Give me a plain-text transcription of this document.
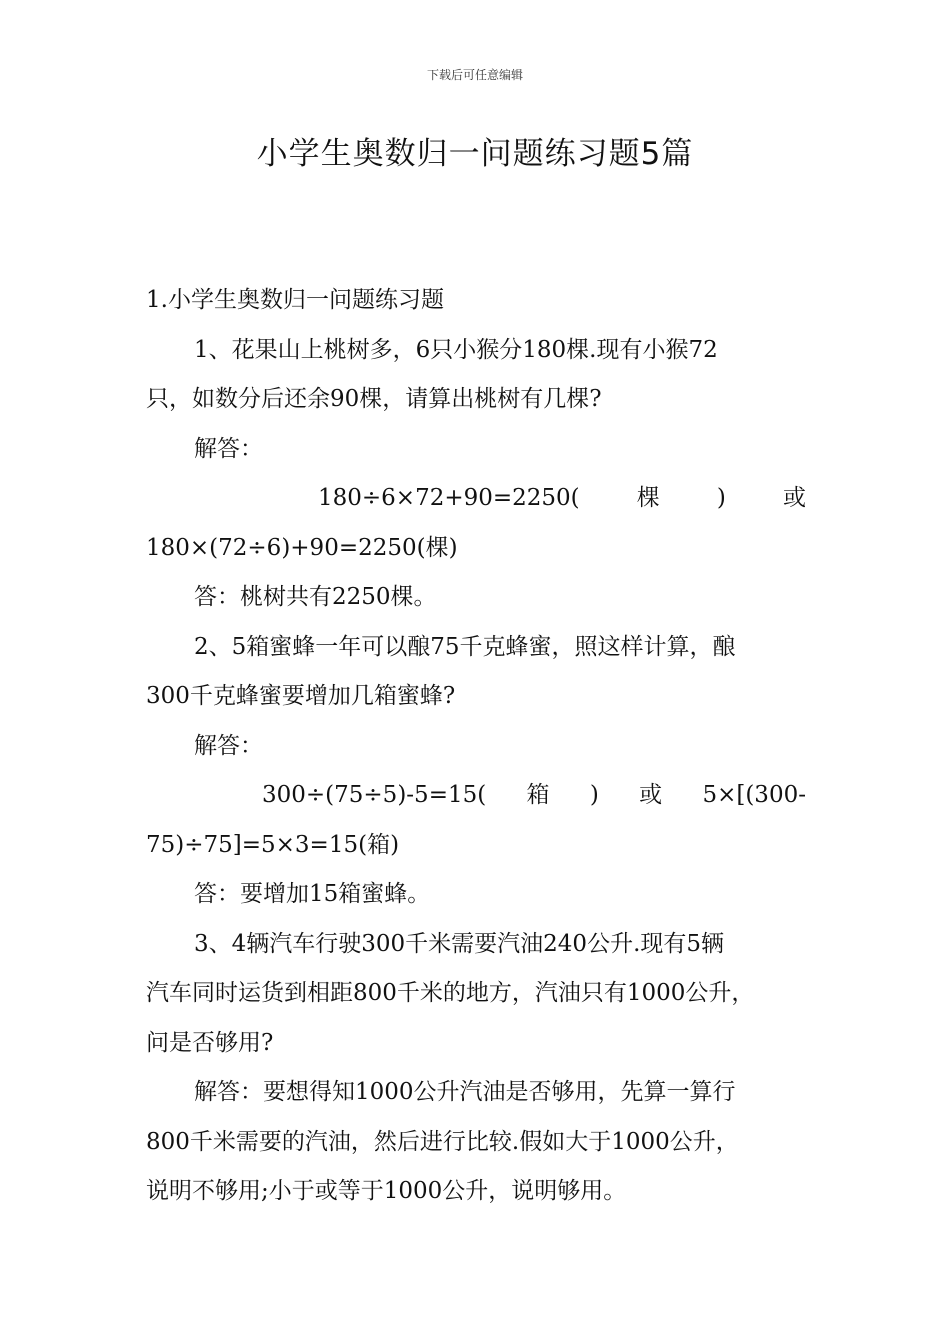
下载后可任意编辑
小学生奥数归一问题练习题5篇
1.小学生奥数归一问题练习题
1、花果山上桃树多，6只小猴分180棵.现有小猴72
只，如数分后还余90棵，请算出桃树有几棵?
解答：
180÷6×72+90=2250( 棵 ) 或
180×(72÷6)+90=2250(棵)
答：桃树共有2250棵。
2、5箱蜜蜂一年可以酿75千克蜂蜜，照这样计算，酿
300千克蜂蜜要增加几箱蜜蜂?
解答：
300÷(75÷5)-5=15( 箱 ) 或 5×[(300-
75)÷75]=5×3=15(箱)
答：要增加15箱蜜蜂。
3、4辆汽车行驶300千米需要汽油240公升.现有5辆
汽车同时运货到相距800千米的地方，汽油只有1000公升，
问是否够用?
解答：要想得知1000公升汽油是否够用，先算一算行
800千米需要的汽油，然后进行比较.假如大于1000公升，
说明不够用;小于或等于1000公升，说明够用。
